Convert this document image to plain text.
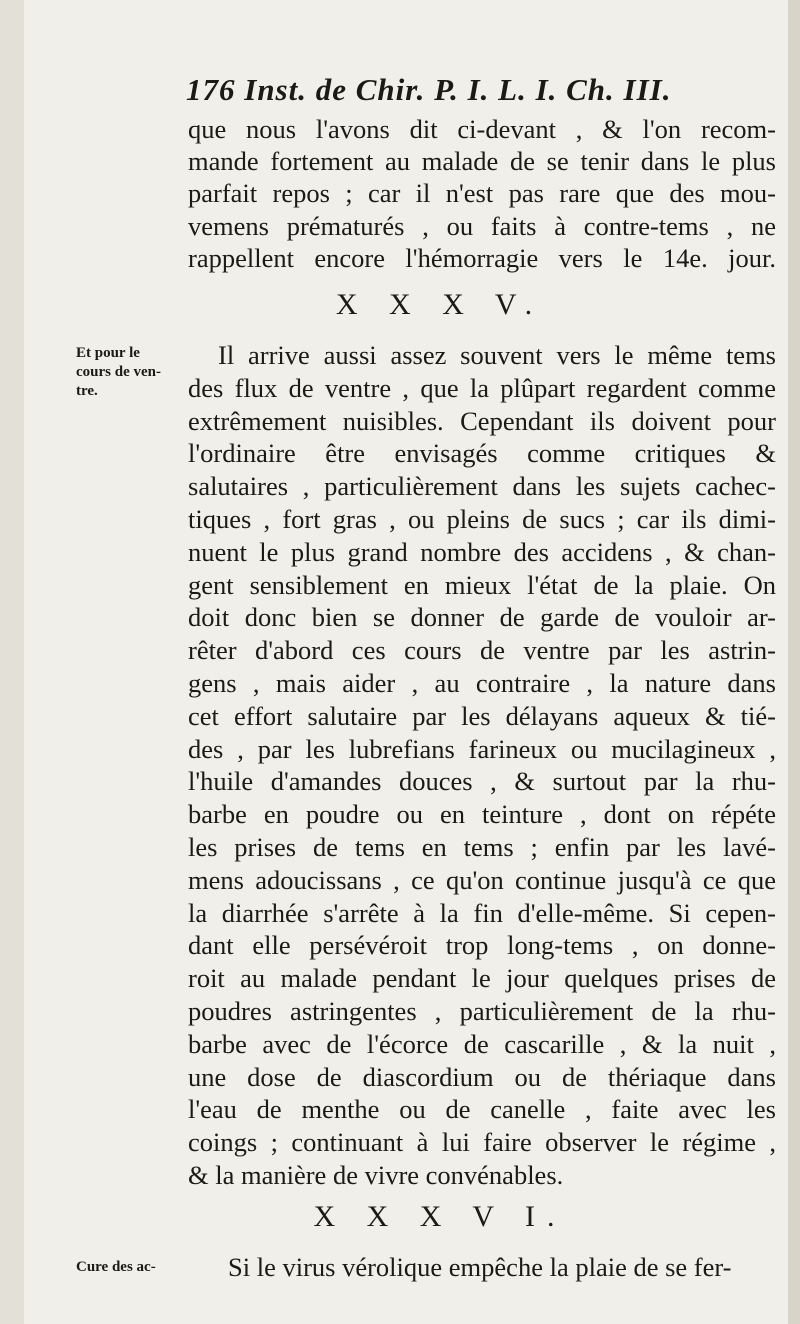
176 Inst. de Chir. P. I. L. I. Ch. III.
que nous l'avons dit ci-devant , & l'on recom-
mande fortement au malade de se tenir dans le plus
parfait repos ; car il n'est pas rare que des mou-
vemens prématurés , ou faits à contre-tems , ne
rappellent encore l'hémorragie vers le 14e. jour.
X X X V.
Et pour le
cours de ven-
tre.
Il arrive aussi assez souvent vers le même tems
des flux de ventre , que la plûpart regardent comme
extrêmement nuisibles. Cependant ils doivent pour
l'ordinaire être envisagés comme critiques &
salutaires , particulièrement dans les sujets cachec-
tiques , fort gras , ou pleins de sucs ; car ils dimi-
nuent le plus grand nombre des accidens , & chan-
gent sensiblement en mieux l'état de la plaie. On
doit donc bien se donner de garde de vouloir ar-
rêter d'abord ces cours de ventre par les astrin-
gens , mais aider , au contraire , la nature dans
cet effort salutaire par les délayans aqueux & tié-
des , par les lubrefians farineux ou mucilagineux ,
l'huile d'amandes douces , & surtout par la rhu-
barbe en poudre ou en teinture , dont on répéte
les prises de tems en tems ; enfin par les lavé-
mens adoucissans , ce qu'on continue jusqu'à ce que
la diarrhée s'arrête à la fin d'elle-même. Si cepen-
dant elle persévéroit trop long-tems , on donne-
roit au malade pendant le jour quelques prises de
poudres astringentes , particulièrement de la rhu-
barbe avec de l'écorce de cascarille , & la nuit ,
une dose de diascordium ou de thériaque dans
l'eau de menthe ou de canelle , faite avec les
coings ; continuant à lui faire observer le régime ,
& la manière de vivre convénables.
X X X V I.
Cure des ac-	Si le virus vérolique empêche la plaie de se fer-
